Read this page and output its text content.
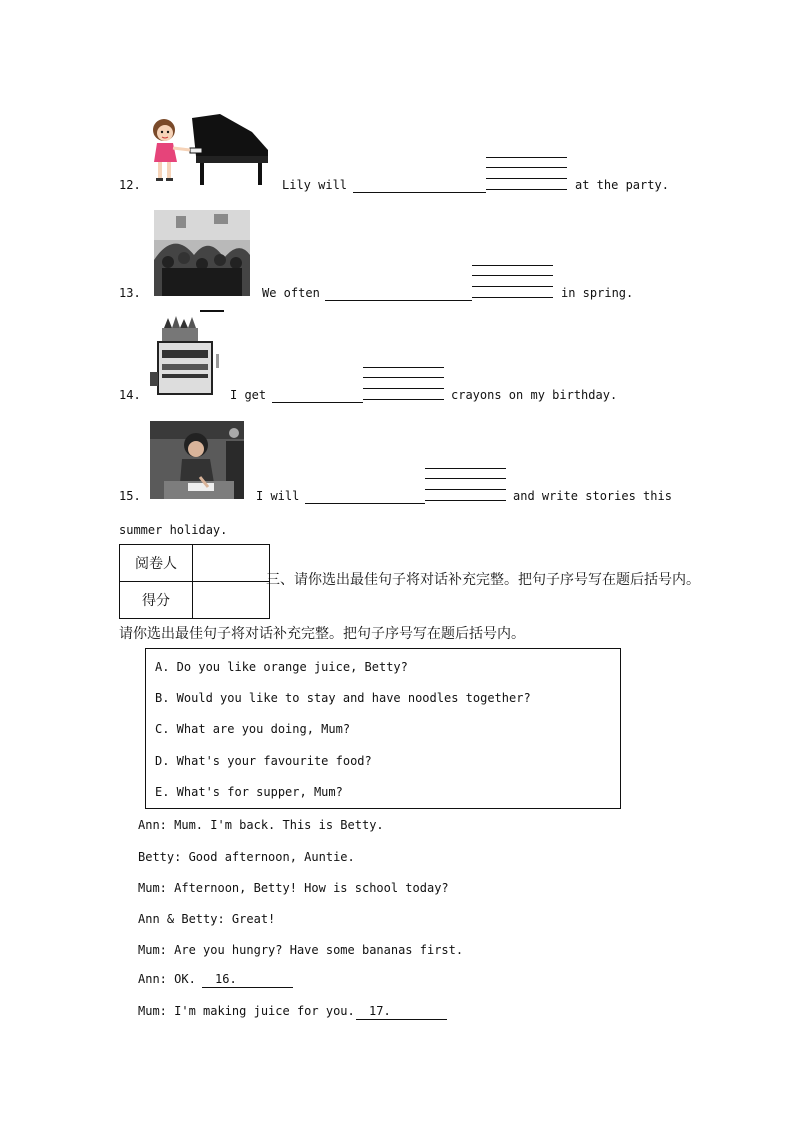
12.	Lily will	at the party.
13.	We often	in spring.
14.	I get	crayons on my birthday.
15.	I will	and write stories this
summer holiday.
阅卷人	
得分	
三、请你选出最佳句子将对话补充完整。把句子序号写在题后括号内。
请你选出最佳句子将对话补充完整。把句子序号写在题后括号内。
A. Do you like orange juice, Betty?
B. Would you like to stay and have noodles together?
C. What are you doing, Mum?
D. What's your favourite food?
E. What's for supper, Mum?
Ann: Mum. I'm back. This is Betty.
Betty: Good afternoon, Auntie.
Mum: Afternoon, Betty! How is school today?
Ann & Betty: Great!
Mum: Are you hungry? Have some bananas first.
Ann: OK. 16.
Mum: I'm making juice for you. 17.
